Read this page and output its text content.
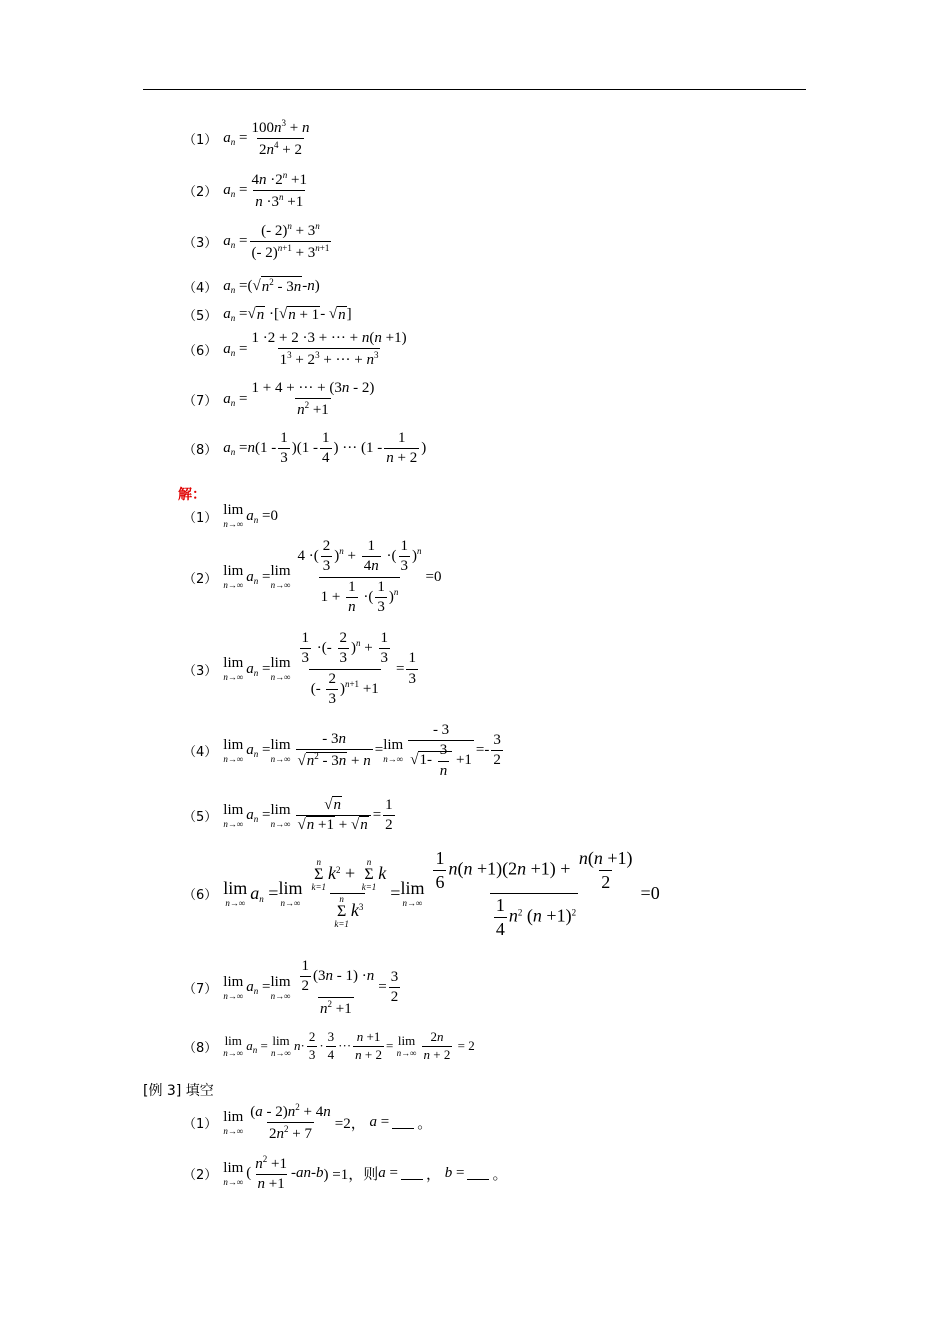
（1） $a_n = \frac{100n^3 + n}{2n^4 + 2}$
（2） $a_n = \frac{4n \cdot 2^n +1}{n \cdot 3^n +1}$
（3） $a_n = \frac{(- 2)^n + 3^n}{(- 2)^{n+1} + 3^{n+1}}$
（4） $a_n$ =(√ $n^2 - 3n$ - n )
（5） $a_n$ =√ n ·[√ n + 1 - √ n ]
（6） $a_n = \frac{1 \cdot 2 + 2 \cdot 3 + \cdot\cdot\cdot + n(n +1)}{1^3 + 2^3 + \cdot\cdot\cdot + n^3}$
（7） $a_n = \frac{1 + 4 + \cdot\cdot\cdot + (3n - 2)}{n^2 +1}$
（8） $a_n = n$ $(1 - \frac{1}{3} )(1 - \frac{1}{4}$ ) ··· ($1 - \frac{1}{n + 2}$ )
解：
（1） lim
n→∞
$a_n$
=0
（2） lim
n→∞
$a_n = \lim$
$n\to\infty \frac{4 \cdot( \frac{2}{3} )^n + \frac{1}{4n} \cdot( \frac{1}{3} )^n}{1 + \frac{1}{n} \cdot( \frac{1}{3} )^n} =0$
（3） lim
n→∞
$a_n = \lim$
$n\to\infty \frac{\frac{1}{3} \cdot(- \frac{2}{3} )^n + \frac{1}{3}}{(- \frac{2}{3} )^{n+1} +1} = \frac{1}{3}$
（4） lim
n→∞
$a_n = \lim$
$n\to\infty \frac{- 3n}{√n^2 - 3n + n} = \lim$
$n\to\infty \frac{- 3}{√1- \frac{3}{n} +1} =- \frac{3}{2}$
（5） lim
n→∞
$a_n = \lim$
$n\to\infty \frac{√n}{√n +1 + √n} = \frac{1}{2}$
（6） lim
n→∞ $a_n = \lim$
n→∞ n
Σ
k=1
$k^2$ +
n
Σ
k=1
k
n
Σ
k=1
$k^3 = \lim$
$n\to\infty \frac{\frac{1}{6} n(n +1)(2n +1) + \frac{n(n +1)}{2}}{\frac{1}{4} n^2 (n +1)^2} =0$
（7） lim
n→∞
$a_n = \lim$
$n\to\infty \frac{\frac{1}{2} (3n - 1) \cdot n}{n^2 +1} = \frac{3}{2}$
（8） lim
n→∞
$a_n = \lim$
n→∞ $n \cdot \frac{2}{3} \cdot \frac{3}{4}$ ··· $\frac{n +1}{n + 2} = \lim$
$n\to\infty \frac{2n}{n + 2}$
= 2
[例 3] 填空
（1） lim
$n\to\infty \frac{(a - 2)n^2 + 4n}{2n^2 + 7} =2$，
a = 。
（2） lim
n→∞
( $\frac{n^2 +1}{n +1}$ - an - b ) =1，则 a = ， b = 。
